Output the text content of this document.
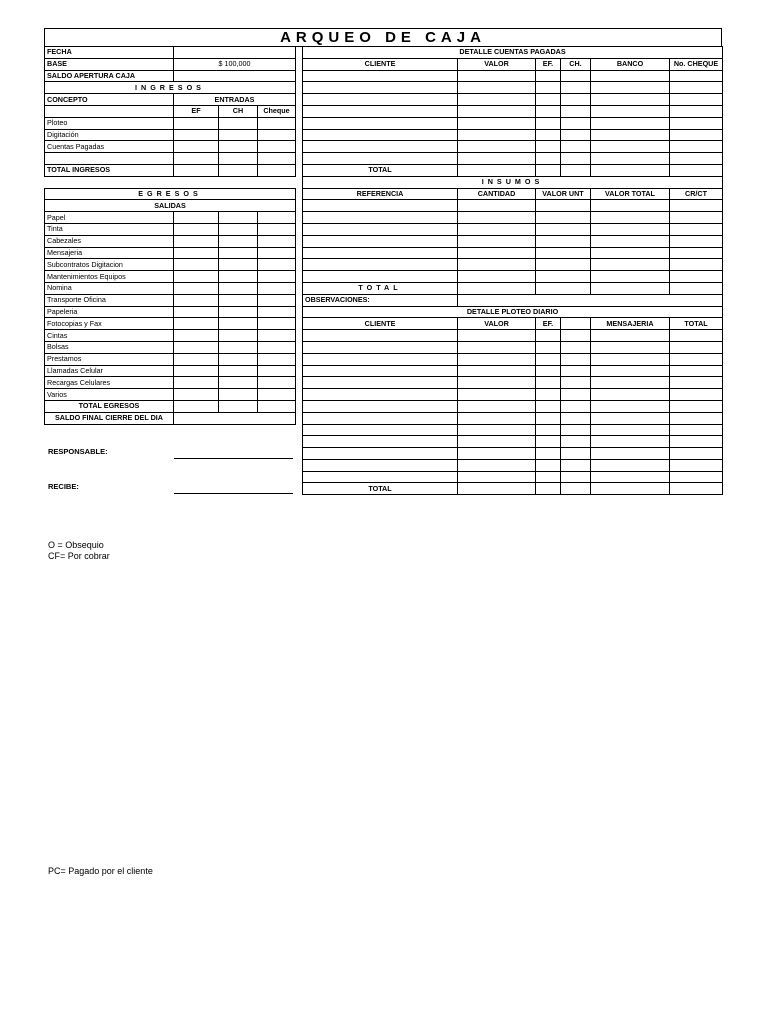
ARQUEO DE CAJA
FECHA			
BASE	$ 100,000		
SALDO APERTURA CAJA			
INGRESOS			
CONCEPTO	ENTRADAS		
	EF	CH	Cheque
Ploteo			
Digitación			
Cuentas Pagadas			

TOTAL INGRESOS			

EGRESOS			
SALIDAS			
Papel			
Tinta			
Cabezales			
Mensajeria			
Subcontratos Digitacion			
Mantenimientos Equipos			
Nomina			
Transporte Oficina			
Papeleria			
Fotocopias y Fax			
Cintas			
Bolsas			
Prestamos			
Llamadas Celular			
Recargas Celulares			
Varios			
TOTAL EGRESOS			
SALDO FINAL CIERRE DEL DIA			
RESPONSABLE:
RECIBE:
DETALLE CUENTAS PAGADAS					
CLIENTE	VALOR	EF.	CH.	BANCO	No. CHEQUE

TOTAL					
INSUMOS					
REFERENCIA	CANTIDAD	VALOR UNT		VALOR TOTAL	CR/CT

TOTAL					
OBSERVACIONES:					
DETALLE PLOTEO DIARIO					
CLIENTE	VALOR	EF.		MENSAJERIA	TOTAL

TOTAL					
O = Obsequio
CF= Por cobrar
PC= Pagado por el cliente
